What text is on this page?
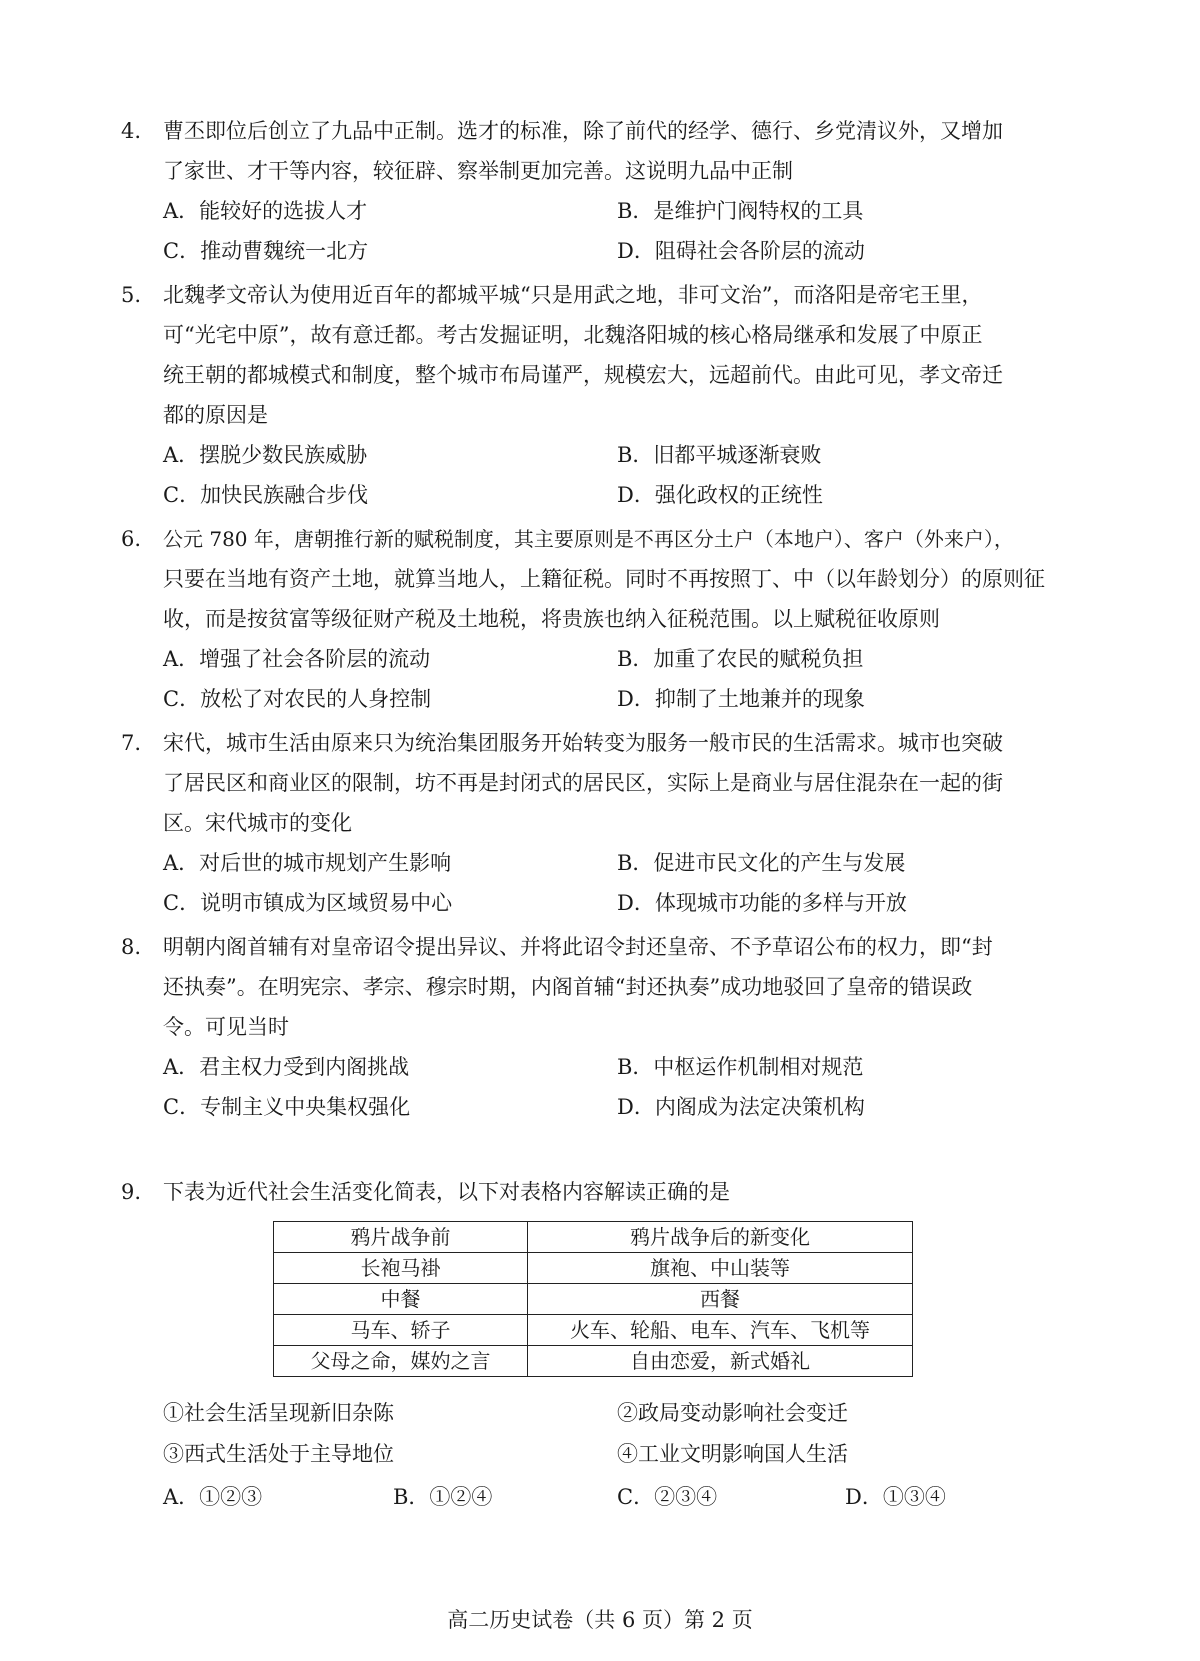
4. 曹丕即位后创立了九品中正制。选才的标准，除了前代的经学、德行、乡党清议外，又增加
了家世、才干等内容，较征辟、察举制更加完善。这说明九品中正制
A．能较好的选拔人才	B．是维护门阀特权的工具
C．推动曹魏统一北方	D．阻碍社会各阶层的流动
5. 北魏孝文帝认为使用近百年的都城平城“只是用武之地，非可文治”，而洛阳是帝宅王里，
可“光宅中原”，故有意迁都。考古发掘证明，北魏洛阳城的核心格局继承和发展了中原正
统王朝的都城模式和制度，整个城市布局谨严，规模宏大，远超前代。由此可见，孝文帝迁
都的原因是
A．摆脱少数民族威胁	B．旧都平城逐渐衰败
C．加快民族融合步伐	D．强化政权的正统性
6. 公元 780 年，唐朝推行新的赋税制度，其主要原则是不再区分土户（本地户）、客户（外来户），
只要在当地有资产土地，就算当地人，上籍征税。同时不再按照丁、中（以年龄划分）的原则征
收，而是按贫富等级征财产税及土地税，将贵族也纳入征税范围。以上赋税征收原则
A．增强了社会各阶层的流动	B．加重了农民的赋税负担
C．放松了对农民的人身控制	D．抑制了土地兼并的现象
7. 宋代，城市生活由原来只为统治集团服务开始转变为服务一般市民的生活需求。城市也突破
了居民区和商业区的限制，坊不再是封闭式的居民区，实际上是商业与居住混杂在一起的街
区。宋代城市的变化
A．对后世的城市规划产生影响	B．促进市民文化的产生与发展
C．说明市镇成为区域贸易中心	D．体现城市功能的多样与开放
8. 明朝内阁首辅有对皇帝诏令提出异议、并将此诏令封还皇帝、不予草诏公布的权力，即“封
还执奏”。在明宪宗、孝宗、穆宗时期，内阁首辅“封还执奏”成功地驳回了皇帝的错误政
令。可见当时
A．君主权力受到内阁挑战	B．中枢运作机制相对规范
C．专制主义中央集权强化	D．内阁成为法定决策机构
9. 下表为近代社会生活变化简表，以下对表格内容解读正确的是
鸦片战争前	鸦片战争后的新变化
长袍马褂	旗袍、中山装等
中餐	西餐
马车、轿子	火车、轮船、电车、汽车、飞机等
父母之命，媒妁之言	自由恋爱，新式婚礼
①社会生活呈现新旧杂陈	②政局变动影响社会变迁
③西式生活处于主导地位	④工业文明影响国人生活
A．①②③	B．①②④	C．②③④	D．①③④
高二历史试卷（共 6 页）第 2 页
